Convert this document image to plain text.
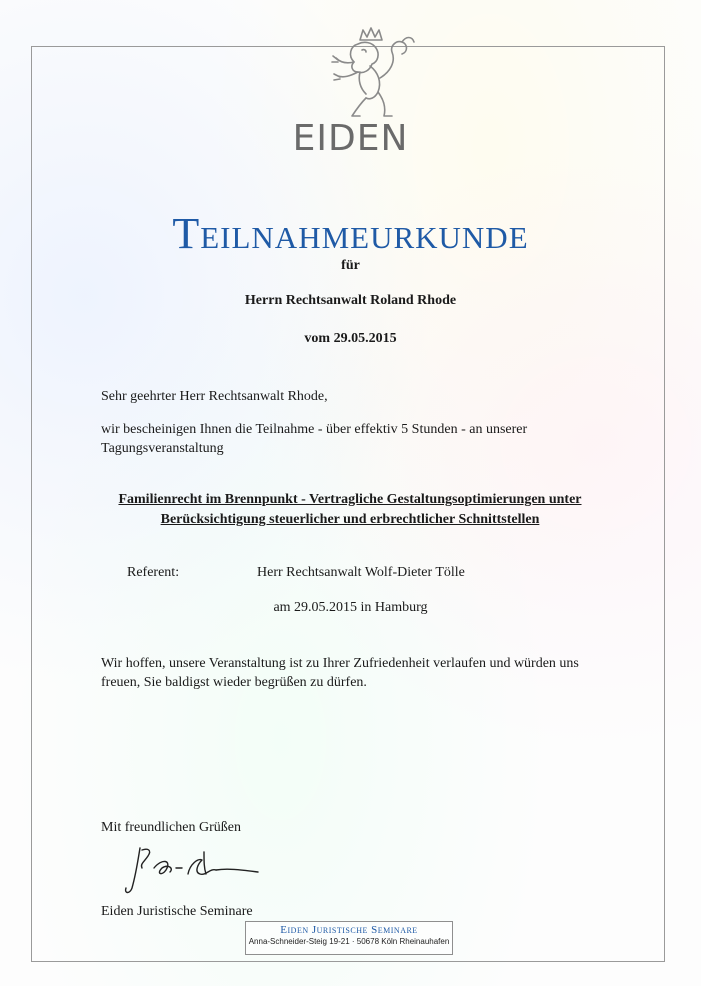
EIDEN
Teilnahmeurkunde
für
Herrn Rechtsanwalt Roland Rhode
vom 29.05.2015
Sehr geehrter Herr Rechtsanwalt Rhode,
wir bescheinigen Ihnen die Teilnahme - über effektiv 5 Stunden - an unserer Tagungsveranstaltung
Familienrecht im Brennpunkt - Vertragliche Gestaltungsoptimierungen unter Berücksichtigung steuerlicher und erbrechtlicher Schnittstellen
Referent:	Herr Rechtsanwalt Wolf-Dieter Tölle
am 29.05.2015 in Hamburg
Wir hoffen, unsere Veranstaltung ist zu Ihrer Zufriedenheit verlaufen und würden uns freuen, Sie baldigst wieder begrüßen zu dürfen.
Mit freundlichen Grüßen
Eiden Juristische Seminare
Eiden Juristische Seminare
Anna-Schneider-Steig 19-21 · 50678 Köln Rheinauhafen
